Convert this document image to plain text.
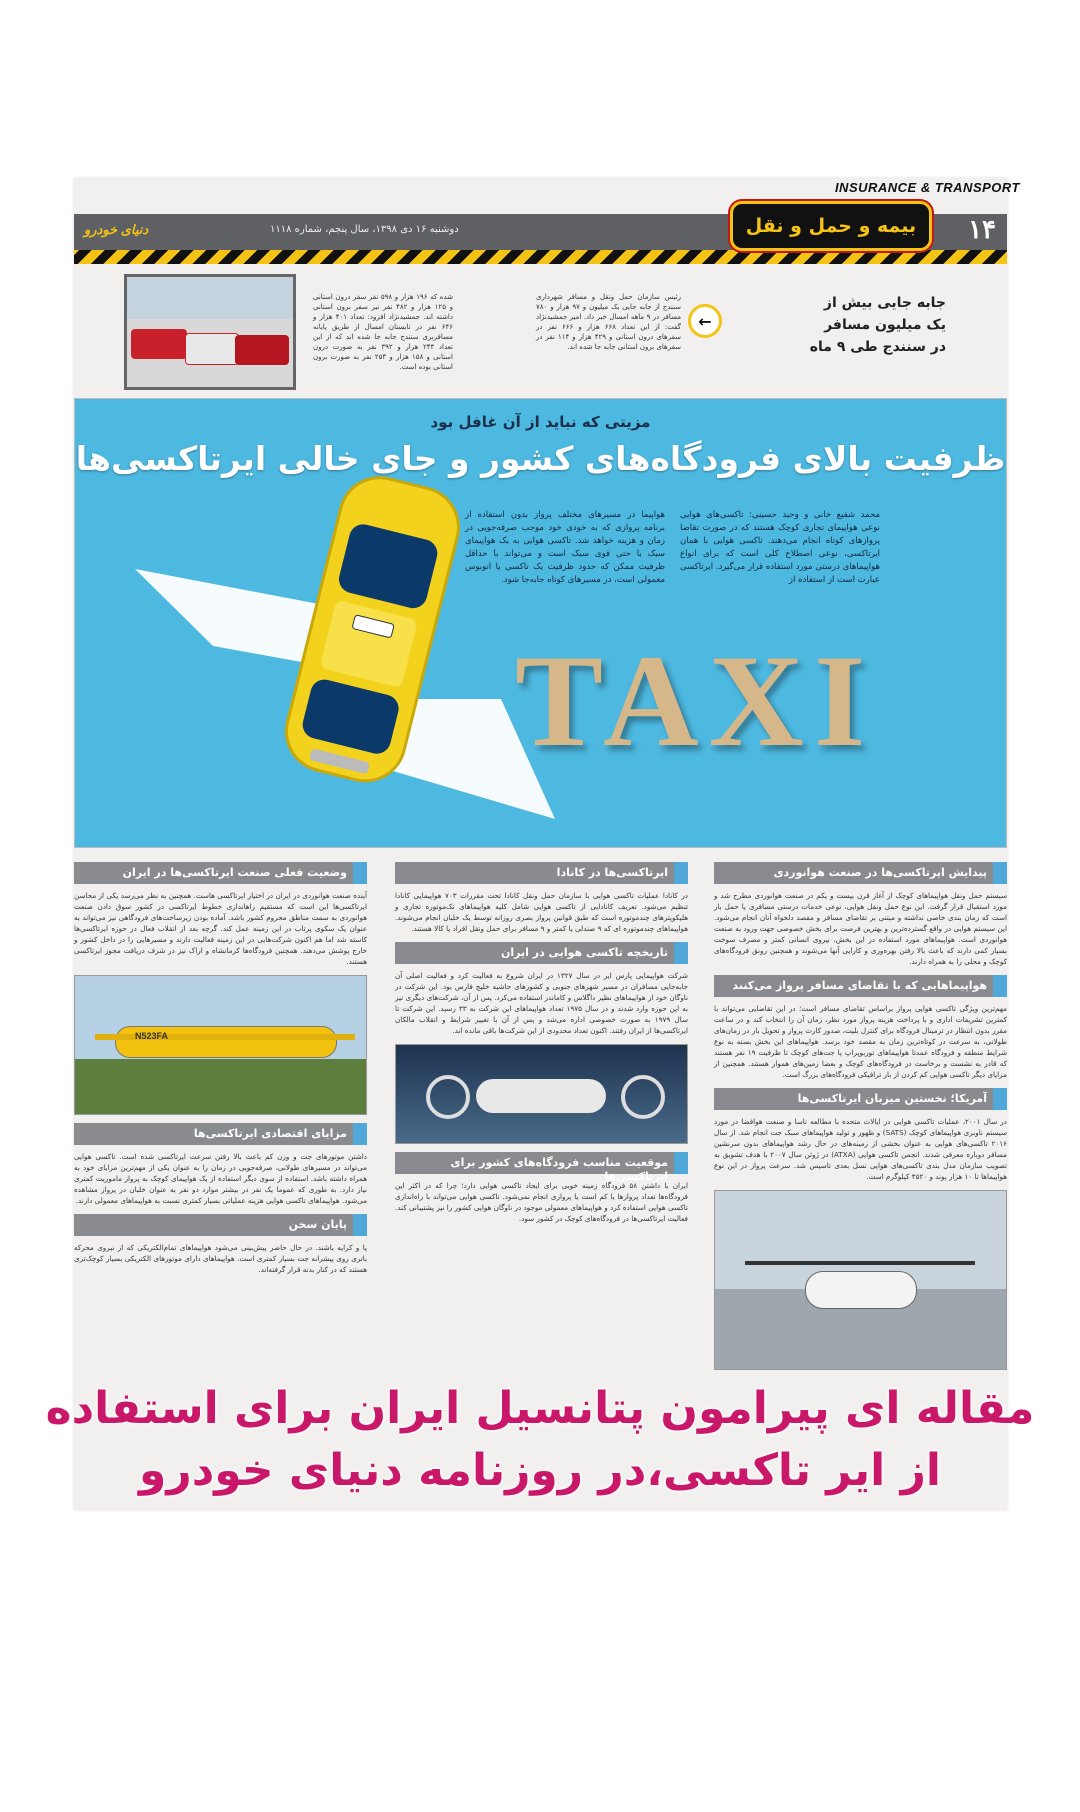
INSURANCE & TRANSPORT
۱۴
بیمه و حمل و نقل
دوشنبه ۱۶ دی ۱۳۹۸، سال پنجم، شماره ۱۱۱۸
دنیای خودرو
شده که ۱۹۶ هزار و ۵۹۸ نفر سفر درون استانی و ۱۲۵ هزار و ۴۸۲ نفر نیز سفر برون استانی داشته اند. جمشیدنژاد افزود: تعداد ۴۰۱ هزار و ۶۴۶ نفر در تابستان امسال از طریق پایانه مسافربری سنندج جابه جا شده اند که از این تعداد ۲۴۴ هزار و ۳۹۲ نفر به صورت درون استانی و ۱۵۸ هزار و ۲۵۴ نفر به صورت برون استانی بوده است.
رئیس سازمان حمل ونقل و مسافر شهرداری سنندج از جابه جایی یک میلیون و ۹۷ هزار و ۷۸۰ مسافر در ۹ ماهه امسال خبر داد. امیر جمشیدنژاد گفت: از این تعداد ۶۶۸ هزار و ۶۶۶ نفر در سفرهای درون استانی و ۴۲۹ هزار و ۱۱۴ نفر در سفرهای برون استانی جابه جا شده اند.
←
جابه جایی بیش از یک میلیون مسافر در سنندج طی ۹ ماه
مزیتی که نباید از آن غافل بود
ظرفیت بالای فرودگاه‌های کشور و جای خالی ایرتاکسی‌ها
TAXI
محمد شفیع خانی و وحید حسینی: تاکسی‌های هوایی نوعی هواپیمای تجاری کوچک هستند که در صورت تقاضا پروازهای کوتاه انجام می‌دهند. تاکسی هوایی با همان ایرتاکسی، نوعی اصطلاح کلی است که برای انواع هواپیماهای درستی مورد استفاده قرار می‌گیرد. ایرتاکسی عبارت است از استفاده از
هواپیما در مسیرهای مختلف پرواز بدون استفاده از برنامه پروازی که به خودی خود موجب صرفه‌جویی در زمان و هزینه خواهد شد. تاکسی هوایی به یک هواپیمای سبک با حتی قوی سبک است و می‌تواند با حداقل ظرفیت ممکن که حدود ظرفیت یک تاکسی یا اتوبوس معمولی است، در مسیرهای کوتاه جابه‌جا شود.
پیدایش ایرتاکسی‌ها در صنعت هوانوردی
سیستم حمل ونقل هواپیماهای کوچک از آغاز قرن بیست و یکم در صنعت هوانوردی مطرح شد و مورد استقبال قرار گرفت. این نوع حمل ونقل هوایی، نوعی خدمات درستی مسافری یا حمل بار است که زمان بندی خاصی نداشته و مبتنی بر تقاضای مسافر و مقصد دلخواه آنان انجام می‌شود. این سیستم هوایی در واقع گسترده‌ترین و بهترین فرصت برای بخش خصوصی جهت ورود به صنعت هوانوردی است. هواپیماهای مورد استفاده در این بخش، نیروی انسانی کمتر و مصرف سوخت بسیار کمی دارند که باعث بالا رفتن بهره‌وری و کارایی آنها می‌شوند و همچنین رونق فرودگاه‌های کوچک و محلی را به همراه دارند.
هواپیماهایی که با تقاضای مسافر پرواز می‌کنند
مهم‌ترین ویژگی تاکسی هوایی پرواز براساس تقاضای مسافر است؛ در این تقاضایی می‌تواند با کمترین تشریفات اداری و با پرداخت هزینه پرواز مورد نظر، زمان آن را انتخاب کند و در ساعت مقرر بدون انتظار در ترمینال فرودگاه برای کنترل بلیت، صدور کارت پرواز و تحویل بار در زمان‌های طولانی، به سرعت در کوتاه‌ترین زمان به مقصد خود برسد. هواپیماهای این بخش بسته به نوع شرایط منطقه و فرودگاه عمدتا هواپیماهای توربوپراپ یا جت‌های کوچک تا ظرفیت ۱۹ نفر هستند که قادر به نشست و برخاست در فرودگاه‌های کوچک و بعضا زمین‌های هموار هستند. همچنین از مزایای دیگر تاکسی هوایی کم کردن از بار ترافیکی فرودگاه‌های بزرگ است.
آمریکا؛ نخستین میزبان ایرتاکسی‌ها
در سال ۲۰۰۱، عملیات تاکسی هوایی در ایالات متحده با مطالعه ناسا و صنعت هوافضا در مورد سیستم ناوبری هواپیماهای کوچک (SATS) و ظهور و تولید هواپیماهای سبک جت انجام شد. از سال ۲۰۱۶ تاکسی‌های هوایی به عنوان بخشی از زمینه‌های در حال رشد هواپیماهای بدون سرنشین مسافر دوباره معرفی شدند. انجمن تاکسی هوایی (ATXA) در ژوئن سال ۲۰۰۷ با هدف تشویق به تصویب سازمان مدل بندی تاکسی‌های هوایی نسل بعدی تاسیس شد. سرعت پرواز در این نوع هواپیماها تا ۱۰ هزار پوند و ۴۵۲۰ کیلوگرم است.
ایرتاکسی‌ها در کانادا
در کانادا عملیات تاکسی هوایی با سازمان حمل ونقل کانادا تحت مقررات ۷۰۳ هواپیمایی کانادا تنظیم می‌شود. تعریف کانادایی از تاکسی هوایی شامل کلیه هواپیماهای تک‌موتوره تجاری و هلیکوپترهای چندموتوره است که طبق قوانین پرواز بصری روزانه توسط یک خلبان انجام می‌شوند. هواپیماهای چندموتوره ای که ۹ صندلی یا کمتر و ۹ مسافر برای حمل ونقل افراد یا کالا هستند.
تاریخچه تاکسی هوایی در ایران
شرکت هواپیمایی پارس ایر در سال ۱۳۲۷ در ایران شروع به فعالیت کرد و فعالیت اصلی آن جابه‌جایی مسافران در مسیر شهرهای جنوبی و کشورهای حاشیه خلیج فارس بود. این شرکت در ناوگان خود از هواپیماهای نظیر داگلاس و کاماندر استفاده می‌کرد. پس از آن، شرکت‌های دیگری نیز به این حوزه وارد شدند و در سال ۱۹۷۵ تعداد هواپیماهای این شرکت به ۳۳ رسید. این شرکت تا سال ۱۹۷۹ به صورت خصوصی اداره می‌شد و پس از آن با تغییر شرایط و انقلاب مالکان ایرتاکسی‌ها از ایران رفتند. اکنون تعداد محدودی از این شرکت‌ها باقی مانده اند.
موقعیت مناسب فرودگاه‌های کشور برای ایرتاکسی‌ها
ایران با داشتن ۵۸ فرودگاه زمینه خوبی برای ایجاد تاکسی هوایی دارد؛ چرا که در اکثر این فرودگاه‌ها تعداد پروازها یا کم است یا پروازی انجام نمی‌شود. تاکسی هوایی می‌تواند با راه‌اندازی تاکسی هوایی استفاده کرد و هواپیماهای معمولی موجود در ناوگان هوایی کشور را نیز پشتیبانی کند. فعالیت ایرتاکسی‌ها در فرودگاه‌های کوچک در کشور سود.
وضعیت فعلی صنعت ایرتاکسی‌ها در ایران
آینده صنعت هوانوردی در ایران در اختیار ایرتاکسی هاست. همچنین به نظر می‌رسد یکی از محاسن ایرتاکسی‌ها این است که مستقیم راهاندازی خطوط ایرتاکسی در کشور سوق دادن صنعت هوانوردی به سمت مناطق محروم کشور باشد. آماده بودن زیرساخت‌های فرودگاهی نیز می‌تواند به عنوان یک سکوی پرتاب در این زمینه عمل کند. گرچه بعد از انقلاب فعال در حوزه ایرتاکسی‌ها کاسته شد اما هم اکنون شرکت‌هایی در این زمینه فعالیت دارند و مسیرهایی را در داخل کشور و خارج پوشش می‌دهند. همچنین فرودگاه‌ها کرمانشاه و اراک نیز در شرف دریافت مجوز ایرتاکسی هستند.
N523FA
مزایای اقتصادی ایرتاکسی‌ها
داشتن موتورهای جت و وزن کم باعث بالا رفتن سرعت ایرتاکسی شده است. تاکسی هوایی می‌تواند در مسیرهای طولانی، صرفه‌جویی در زمان را به عنوان یکی از مهم‌ترین مزایای خود به همراه داشته باشد. استفاده از سوی دیگر استفاده از یک هواپیمای کوچک به پرواز ماموریت کمتری نیاز دارد. به طوری که عموما یک نفر در بیشتر موارد دو نفر به عنوان خلبان در پرواز مشاهده می‌شود. هواپیماهای تاکسی هوایی هزینه عملیاتی بسیار کمتری نسبت به هواپیماهای معمولی دارند.
پایان سخن
پا و کرایه باشند. در حال حاضر پیش‌بینی می‌شود هواپیماهای تمام‌الکتریکی که از نیروی محرکه باتری روی پیشرانه جت بسیار کمتری است. هواپیماهای دارای موتورهای الکتریکی بسیار کوچک‌تری هستند که در کنار بدنه قرار گرفته‌اند.
مقاله ای پیرامون پتانسیل ایران برای استفاده از ایر تاکسی،در روزنامه دنیای خودرو
